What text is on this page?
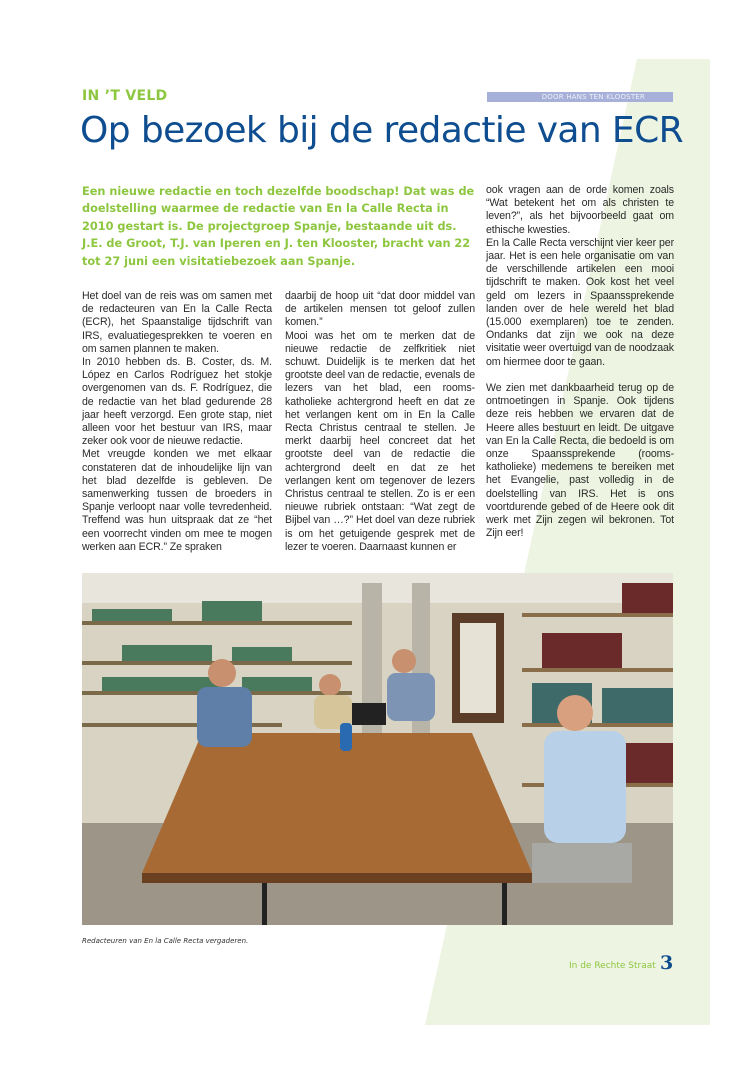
IN ’T VELD	DOOR HANS TEN KLOOSTER
Op bezoek bij de redactie van ECR
Een nieuwe redactie en toch dezelfde boodschap! Dat was de doelstelling waarmee de redactie van En la Calle Recta in 2010 gestart is. De projectgroep Spanje, bestaande uit ds. J.E. de Groot, T.J. van Iperen en J. ten Klooster, bracht van 22 tot 27 juni een visitatiebezoek aan Spanje.

Het doel van de reis was om samen met de redacteuren van En la Calle Recta (ECR), het Spaanstalige tijdschrift van IRS, evaluatiegesprekken te voeren en om samen plannen te maken.

In 2010 hebben ds. B. Coster, ds. M. López en Carlos Rodríguez het stokje overgenomen van ds. F. Rodríguez, die de redactie van het blad gedurende 28 jaar heeft verzorgd. Een grote stap, niet alleen voor het bestuur van IRS, maar zeker ook voor de nieuwe redactie.

Met vreugde konden we met elkaar constateren dat de inhoudelijke lijn van het blad dezelfde is gebleven. De samenwerking tussen de broeders in Spanje verloopt naar volle tevredenheid. Treffend was hun uitspraak dat ze “het een voorrecht vinden om mee te mogen werken aan ECR.” Ze spraken

daarbij de hoop uit “dat door middel van de artikelen mensen tot geloof zullen komen.”

Mooi was het om te merken dat de nieuwe redactie de zelfkritiek niet schuwt. Duidelijk is te merken dat het grootste deel van de redactie, evenals de lezers van het blad, een rooms-katholieke achtergrond heeft en dat ze het verlangen kent om in En la Calle Recta Christus centraal te stellen. Je merkt daarbij heel concreet dat het grootste deel van de redactie die achtergrond deelt en dat ze het verlangen kent om tegenover de lezers Christus centraal te stellen. Zo is er een nieuwe rubriek ontstaan: “Wat zegt de Bijbel van …?” Het doel van deze rubriek is om het getuigende gesprek met de lezer te voeren. Daarnaast kunnen er

ook vragen aan de orde komen zoals “Wat betekent het om als christen te leven?”, als het bijvoorbeeld gaat om ethische kwesties.

En la Calle Recta verschijnt vier keer per jaar. Het is een hele organisatie om van de verschillende artikelen een mooi tijdschrift te maken. Ook kost het veel geld om lezers in Spaanssprekende landen over de hele wereld het blad (15.000 exemplaren) toe te zenden. Ondanks dat zijn we ook na deze visitatie weer overtuigd van de noodzaak om hiermee door te gaan.

We zien met dankbaarheid terug op de ontmoetingen in Spanje. Ook tijdens deze reis hebben we ervaren dat de Heere alles bestuurt en leidt. De uitgave van En la Calle Recta, die bedoeld is om onze Spaanssprekende (rooms-katholieke) medemens te bereiken met het Evangelie, past volledig in de doelstelling van IRS. Het is ons voortdurende gebed of de Heere ook dit werk met Zijn zegen wil bekronen. Tot Zijn eer!

Redacteuren van En la Calle Recta vergaderen.
In de Rechte Straat 3
